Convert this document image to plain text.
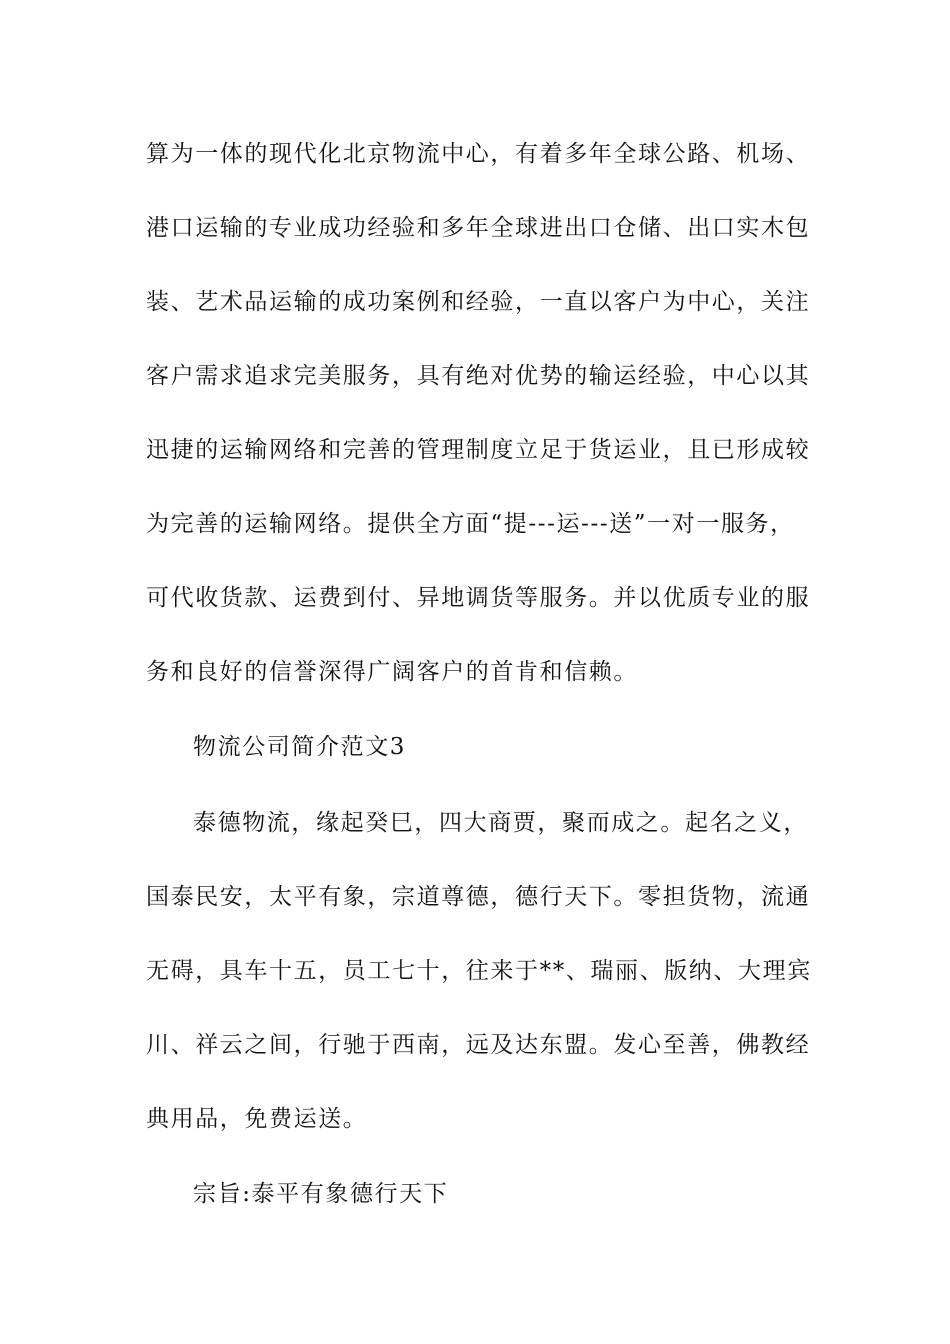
算为一体的现代化北京物流中心，有着多年全球公路、机场、
港口运输的专业成功经验和多年全球进出口仓储、出口实木包
装、艺术品运输的成功案例和经验，一直以客户为中心，关注
客户需求追求完美服务，具有绝对优势的输运经验，中心以其
迅捷的运输网络和完善的管理制度立足于货运业，且已形成较
为完善的运输网络。提供全方面“提---运---送”一对一服务，
可代收货款、运费到付、异地调货等服务。并以优质专业的服
务和良好的信誉深得广阔客户的首肯和信赖。
物流公司简介范文3
泰德物流，缘起癸巳，四大商贾，聚而成之。起名之义，
国泰民安，太平有象，宗道尊德，德行天下。零担货物，流通
无碍，具车十五，员工七十，往来于**、瑞丽、版纳、大理宾
川、祥云之间，行驰于西南，远及达东盟。发心至善，佛教经
典用品，免费运送。
宗旨:泰平有象德行天下
